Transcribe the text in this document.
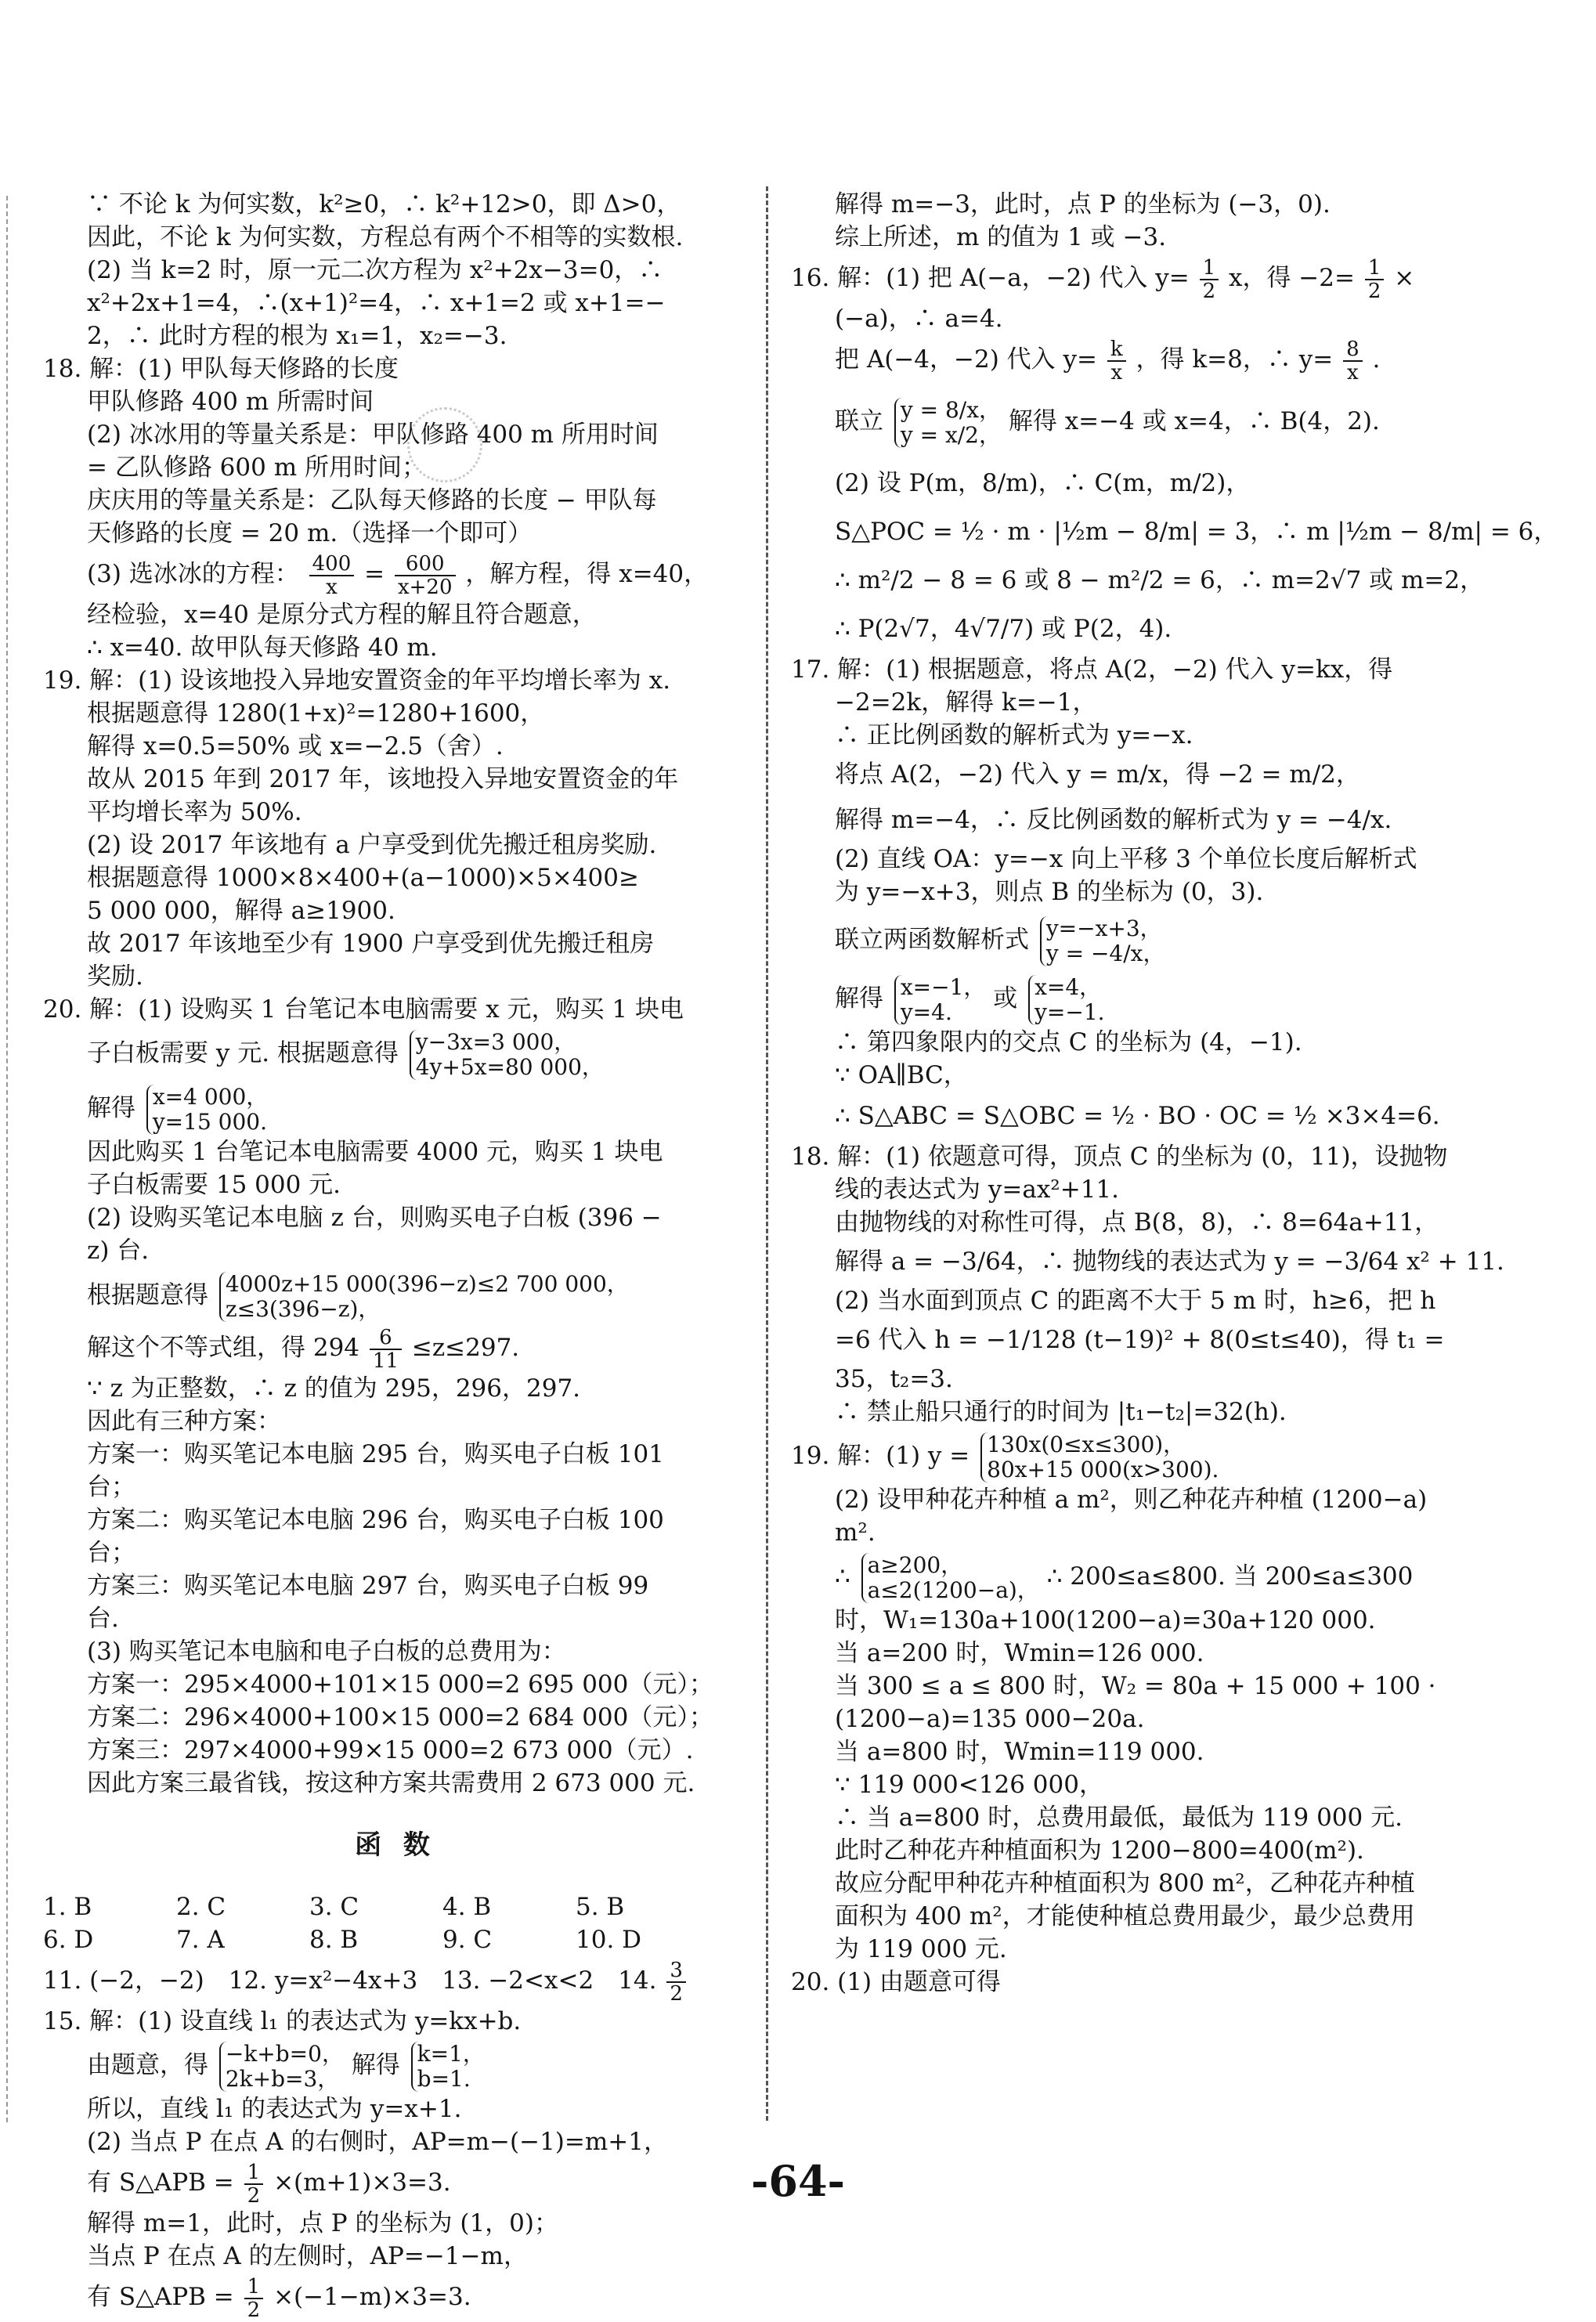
∵ 不论 k 为何实数，k²≥0，∴ k²+12>0，即 Δ>0，

因此，不论 k 为何实数，方程总有两个不相等的实数根.

(2) 当 k=2 时，原一元二次方程为 x²+2x−3=0，∴

x²+2x+1=4，∴(x+1)²=4，∴ x+1=2 或 x+1=−

2，∴ 此时方程的根为 x₁=1，x₂=−3.

18. 解：(1) 甲队每天修路的长度

甲队修路 400 m 所需时间

(2) 冰冰用的等量关系是：甲队修路 400 m 所用时间

= 乙队修路 600 m 所用时间；

庆庆用的等量关系是：乙队每天修路的长度 − 甲队每

天修路的长度 = 20 m.（选择一个即可）

(3) 选冰冰的方程： $\frac{400}{x} = \frac{600}{x+20}$ ，解方程，得 x=40，

经检验，x=40 是原分式方程的解且符合题意，

∴ x=40. 故甲队每天修路 40 m.

19. 解：(1) 设该地投入异地安置资金的年平均增长率为 x.

根据题意得 1280(1+x)²=1280+1600，

解得 x=0.5=50% 或 x=−2.5（舍）.

故从 2015 年到 2017 年，该地投入异地安置资金的年

平均增长率为 50%.

(2) 设 2017 年该地有 a 户享受到优先搬迁租房奖励.

根据题意得 1000×8×400+(a−1000)×5×400≥

5 000 000，解得 a≥1900.

故 2017 年该地至少有 1900 户享受到优先搬迁租房

奖励.

20. 解：(1) 设购买 1 台笔记本电脑需要 x 元，购买 1 块电

子白板需要 y 元. 根据题意得 y−3x=3 000，
4y+5x=80 000，

解得 x=4 000，
y=15 000.

因此购买 1 台笔记本电脑需要 4000 元，购买 1 块电

子白板需要 15 000 元.

(2) 设购买笔记本电脑 z 台，则购买电子白板 (396 −

z) 台.

根据题意得 4000z+15 000(396−z)≤2 700 000，
z≤3(396−z)，

解这个不等式组，得 $294 \frac{6}{11} \le z\le 297$.

∵ z 为正整数，∴ z 的值为 295，296，297.

因此有三种方案：

方案一：购买笔记本电脑 295 台，购买电子白板 101

台；

方案二：购买笔记本电脑 296 台，购买电子白板 100

台；

方案三：购买笔记本电脑 297 台，购买电子白板 99

台.

(3) 购买笔记本电脑和电子白板的总费用为：

方案一：295×4000+101×15 000=2 695 000（元）；

方案二：296×4000+100×15 000=2 684 000（元）；

方案三：297×4000+99×15 000=2 673 000（元）.

因此方案三最省钱，按这种方案共需费用 2 673 000 元.

函 数

1. B	2. C	3. C	4. B	5. B
6. D	7. A	8. B	9. C	10. D

11. (−2，−2)　12. y=x²−4x+3　13. −2<x<2　14. $\frac{3}{2}$

15. 解：(1) 设直线 l₁ 的表达式为 y=kx+b.

由题意，得 −k+b=0，
2k+b=3， 解得 k=1，
b=1.

所以，直线 l₁ 的表达式为 y=x+1.

(2) 当点 P 在点 A 的右侧时，AP=m−(−1)=m+1，

有 S△APB = $\frac{1}{2} \times(m+1)\times 3=3$.

解得 m=1，此时，点 P 的坐标为 (1，0)；

当点 P 在点 A 的左侧时，AP=−1−m，

有 S△APB = $\frac{1}{2} \times(-1-m)\times 3=3$.

解得 m=−3，此时，点 P 的坐标为 (−3，0).

综上所述，m 的值为 1 或 −3.

16. 解：(1) 把 A(−a，−2) 代入 $y= \frac{1}{2}$ x，得 $-2= \frac{1}{2}$ ×

(−a)，∴ a=4.

把 A(−4，−2) 代入 $y= \frac{k}{x}$ ，得 k=8，∴ $y= \frac{8}{x}$ .

联立 y = 8/x，
y = x/2， 解得 x=−4 或 x=4，∴ B(4，2).

(2) 设 P(m，8/m)，∴ C(m，m/2)，

S△POC = ½ · m · |½m − 8/m| = 3，∴ m |½m − 8/m| = 6，

∴ m²/2 − 8 = 6 或 8 − m²/2 = 6，∴ m=2√7 或 m=2，

∴ P(2√7，4√7/7) 或 P(2，4).

17. 解：(1) 根据题意，将点 A(2，−2) 代入 y=kx，得

−2=2k，解得 k=−1，

∴ 正比例函数的解析式为 y=−x.

将点 A(2，−2) 代入 y = m/x，得 −2 = m/2，

解得 m=−4，∴ 反比例函数的解析式为 y = −4/x.

(2) 直线 OA：y=−x 向上平移 3 个单位长度后解析式

为 y=−x+3，则点 B 的坐标为 (0，3).

联立两函数解析式 y=−x+3，
y = −4/x，

解得 x=−1，
y=4. 或 x=4，
y=−1.

∴ 第四象限内的交点 C 的坐标为 (4，−1).

∵ OA∥BC，

∴ S△ABC = S△OBC = ½ · BO · OC = ½ ×3×4=6.

18. 解：(1) 依题意可得，顶点 C 的坐标为 (0，11)，设抛物

线的表达式为 y=ax²+11.

由抛物线的对称性可得，点 B(8，8)，∴ 8=64a+11，

解得 a = −3/64，∴ 抛物线的表达式为 y = −3/64 x² + 11.

(2) 当水面到顶点 C 的距离不大于 5 m 时，h≥6，把 h

=6 代入 h = −1/128 (t−19)² + 8(0≤t≤40)，得 t₁ =

35，t₂=3.

∴ 禁止船只通行的时间为 |t₁−t₂|=32(h).

19. 解：(1) y = 130x(0≤x≤300)，
80x+15 000(x>300).

(2) 设甲种花卉种植 a m²，则乙种花卉种植 (1200−a)

m².

∴ a≥200，
a≤2(1200−a)， ∴ 200≤a≤800. 当 200≤a≤300

时，W₁=130a+100(1200−a)=30a+120 000.

当 a=200 时，Wmin=126 000.

当 300 ≤ a ≤ 800 时，W₂ = 80a + 15 000 + 100 ·

(1200−a)=135 000−20a.

当 a=800 时，Wmin=119 000.

∵ 119 000<126 000，

∴ 当 a=800 时，总费用最低，最低为 119 000 元.

此时乙种花卉种植面积为 1200−800=400(m²).

故应分配甲种花卉种植面积为 800 m²，乙种花卉种植

面积为 400 m²，才能使种植总费用最少，最少总费用

为 119 000 元.

20. (1) 由题意可得

-64-
